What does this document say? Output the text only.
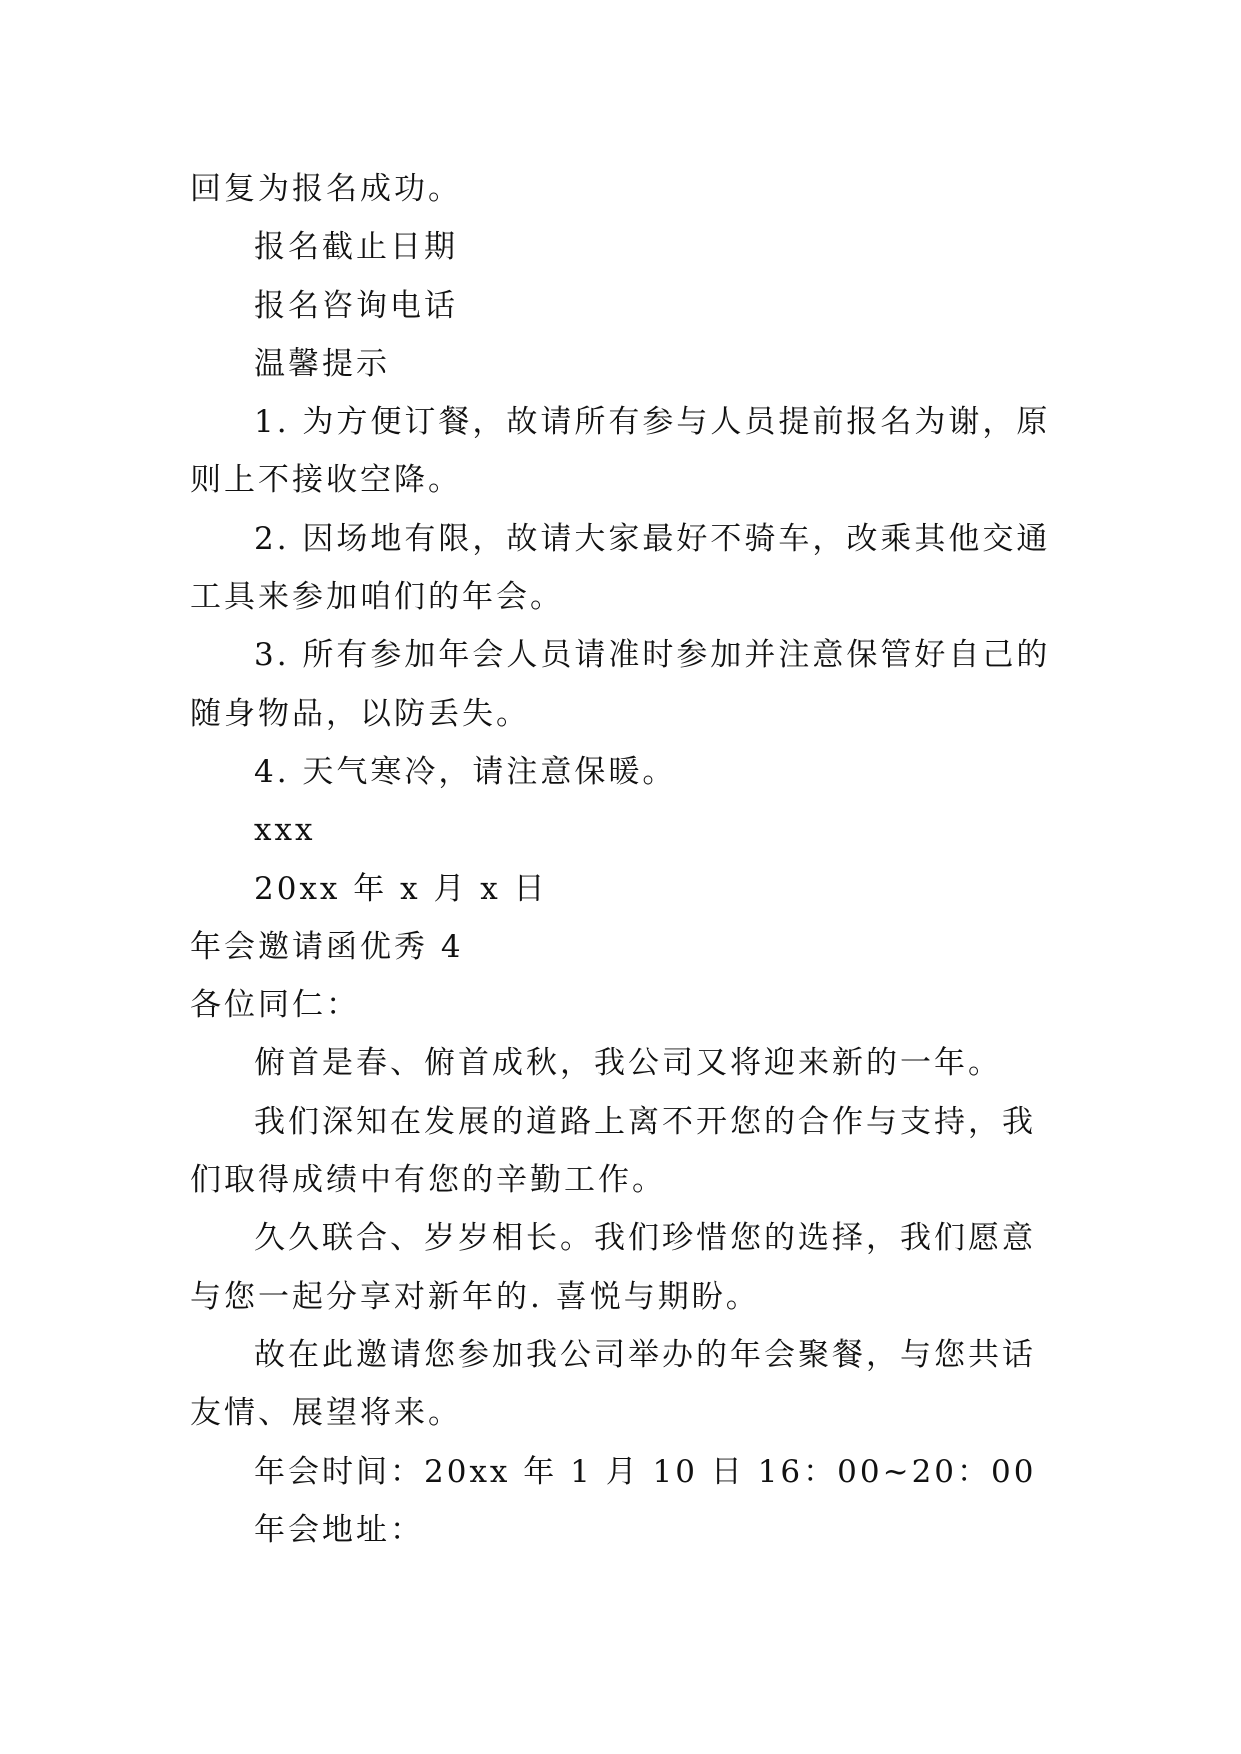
回复为报名成功。

报名截止日期

报名咨询电话

温馨提示

1. 为方便订餐，故请所有参与人员提前报名为谢，原则上不接收空降。

2. 因场地有限，故请大家最好不骑车，改乘其他交通工具来参加咱们的年会。

3. 所有参加年会人员请准时参加并注意保管好自己的随身物品，以防丢失。

4. 天气寒冷，请注意保暖。

xxx

20xx 年 x 月 x 日

年会邀请函优秀 4

各位同仁：

俯首是春、俯首成秋，我公司又将迎来新的一年。

我们深知在发展的道路上离不开您的合作与支持，我们取得成绩中有您的辛勤工作。

久久联合、岁岁相长。我们珍惜您的选择，我们愿意与您一起分享对新年的. 喜悦与期盼。

故在此邀请您参加我公司举办的年会聚餐，与您共话友情、展望将来。

年会时间：20xx 年 1 月 10 日 16：00~20：00

年会地址：
